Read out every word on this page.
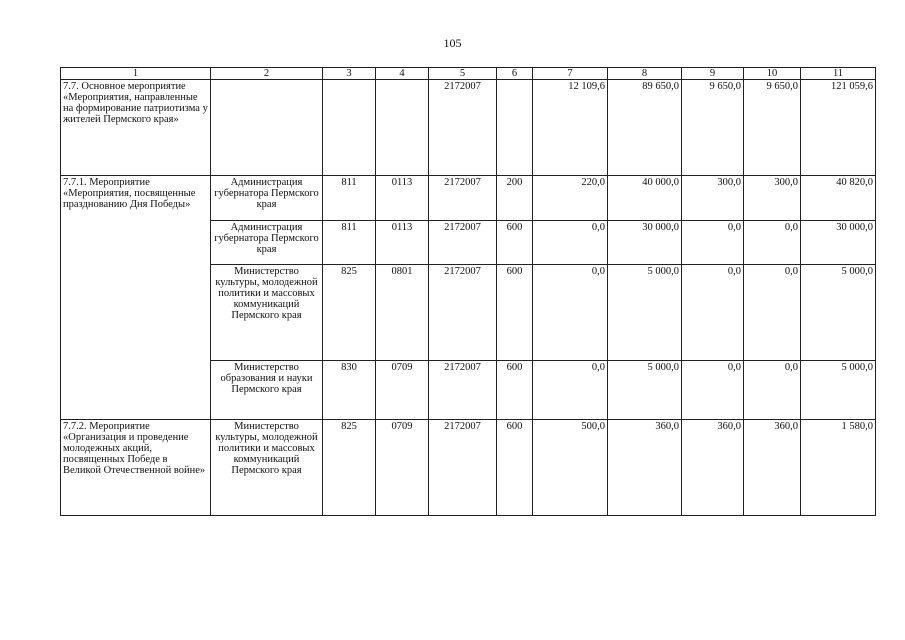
105
1	2	3	4	5	6	7	8	9	10	11
7.7. Основное мероприятие «Мероприятия, направленные на формирование патриотизма у жителей Пермского края»				2172007		12 109,6	89 650,0	9 650,0	9 650,0	121 059,6
7.7.1. Мероприятие «Мероприятия, посвященные празднованию Дня Победы»	Администрация губернатора Пермского края	811	0113	2172007	200	220,0	40 000,0	300,0	300,0	40 820,0
	Администрация губернатора Пермского края	811	0113	2172007	600	0,0	30 000,0	0,0	0,0	30 000,0
	Министерство культуры, молодежной политики и массовых коммуникаций Пермского края	825	0801	2172007	600	0,0	5 000,0	0,0	0,0	5 000,0
	Министерство образования и науки Пермского края	830	0709	2172007	600	0,0	5 000,0	0,0	0,0	5 000,0
7.7.2. Мероприятие «Организация и проведение молодежных акций, посвященных Победе в Великой Отечественной войне»	Министерство культуры, молодежной политики и массовых коммуникаций Пермского края	825	0709	2172007	600	500,0	360,0	360,0	360,0	1 580,0
